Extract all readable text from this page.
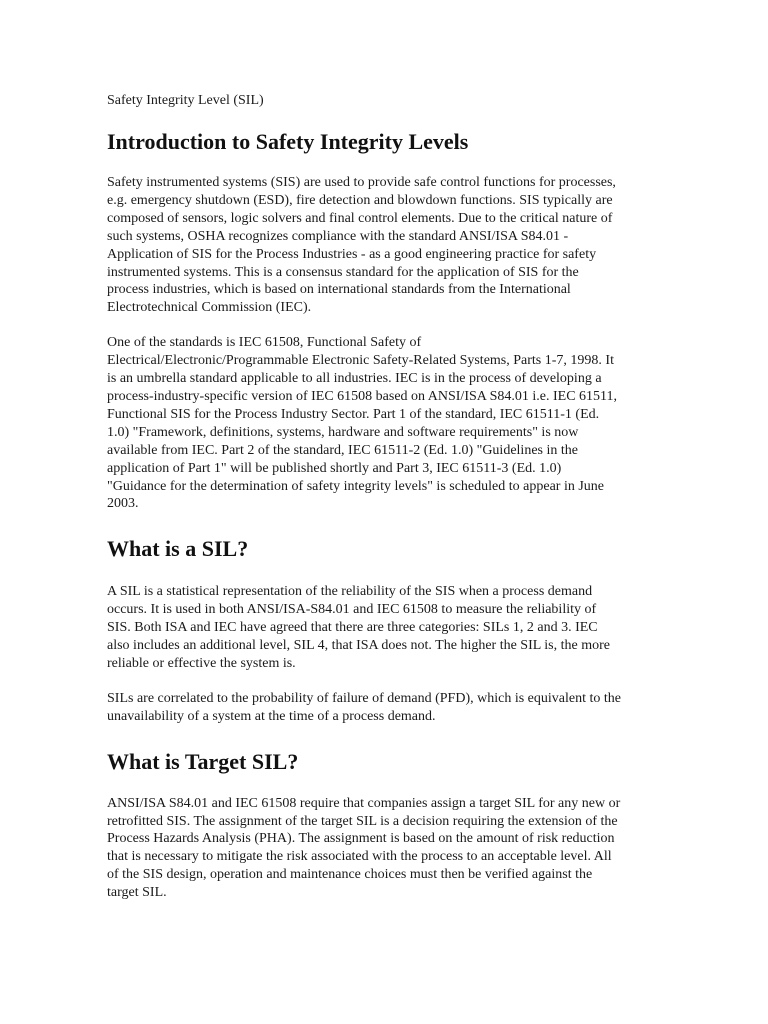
Safety Integrity Level (SIL)
Introduction to Safety Integrity Levels
Safety instrumented systems (SIS) are used to provide safe control functions for processes,
e.g. emergency shutdown (ESD), fire detection and blowdown functions. SIS typically are
composed of sensors, logic solvers and final control elements. Due to the critical nature of
such systems, OSHA recognizes compliance with the standard ANSI/ISA S84.01 -
Application of SIS for the Process Industries - as a good engineering practice for safety
instrumented systems. This is a consensus standard for the application of SIS for the
process industries, which is based on international standards from the International
Electrotechnical Commission (IEC).
One of the standards is IEC 61508, Functional Safety of
Electrical/Electronic/Programmable Electronic Safety-Related Systems, Parts 1-7, 1998. It
is an umbrella standard applicable to all industries. IEC is in the process of developing a
process-industry-specific version of IEC 61508 based on ANSI/ISA S84.01 i.e. IEC 61511,
Functional SIS for the Process Industry Sector. Part 1 of the standard, IEC 61511-1 (Ed.
1.0) "Framework, definitions, systems, hardware and software requirements" is now
available from IEC. Part 2 of the standard, IEC 61511-2 (Ed. 1.0) "Guidelines in the
application of Part 1" will be published shortly and Part 3, IEC 61511-3 (Ed. 1.0)
"Guidance for the determination of safety integrity levels" is scheduled to appear in June
2003.
What is a SIL?
A SIL is a statistical representation of the reliability of the SIS when a process demand
occurs. It is used in both ANSI/ISA-S84.01 and IEC 61508 to measure the reliability of
SIS. Both ISA and IEC have agreed that there are three categories: SILs 1, 2 and 3. IEC
also includes an additional level, SIL 4, that ISA does not. The higher the SIL is, the more
reliable or effective the system is.
SILs are correlated to the probability of failure of demand (PFD), which is equivalent to the
unavailability of a system at the time of a process demand.
What is Target SIL?
ANSI/ISA S84.01 and IEC 61508 require that companies assign a target SIL for any new or
retrofitted SIS. The assignment of the target SIL is a decision requiring the extension of the
Process Hazards Analysis (PHA). The assignment is based on the amount of risk reduction
that is necessary to mitigate the risk associated with the process to an acceptable level. All
of the SIS design, operation and maintenance choices must then be verified against the
target SIL.
